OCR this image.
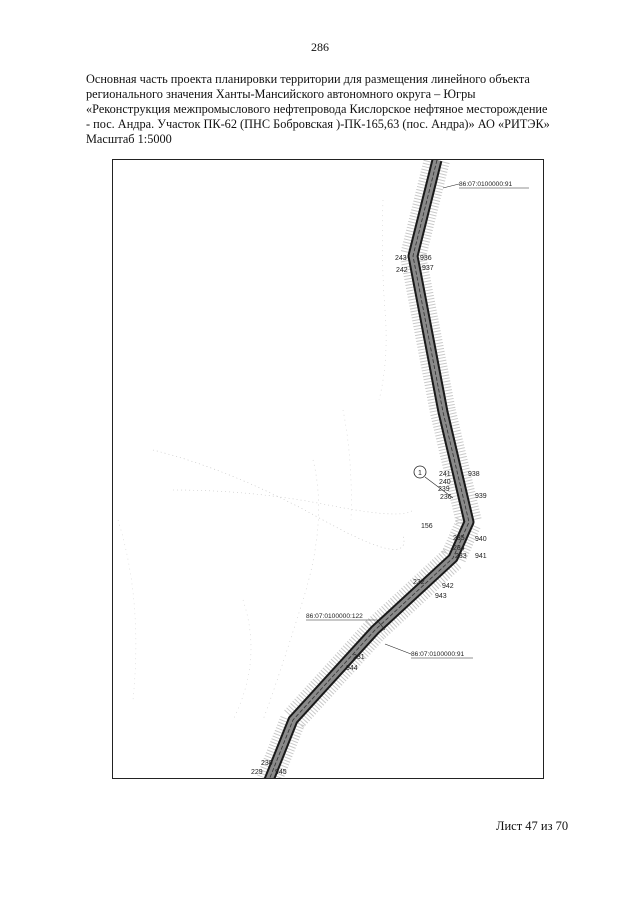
286
Основная часть проекта планировки территории для размещения линейного объекта
регионального значения Ханты-Мансийского автономного округа – Югры
«Реконструкция межпромыслового нефтепровода Кислорское нефтяное месторождение
- пос. Андра. Участок ПК-62 (ПНС Бобровская )-ПК-165,63 (пос. Андра)» АО «РИТЭК»
Масштаб 1:5000
86:07:0100000:91
86:07:0100000:122
86:07:0100000:91
1
243 936
242 937
241 938
240
239
939
236
235 940
234
233 941
232
942
943
231
944
230
229 945
156
Лист 47 из 70
